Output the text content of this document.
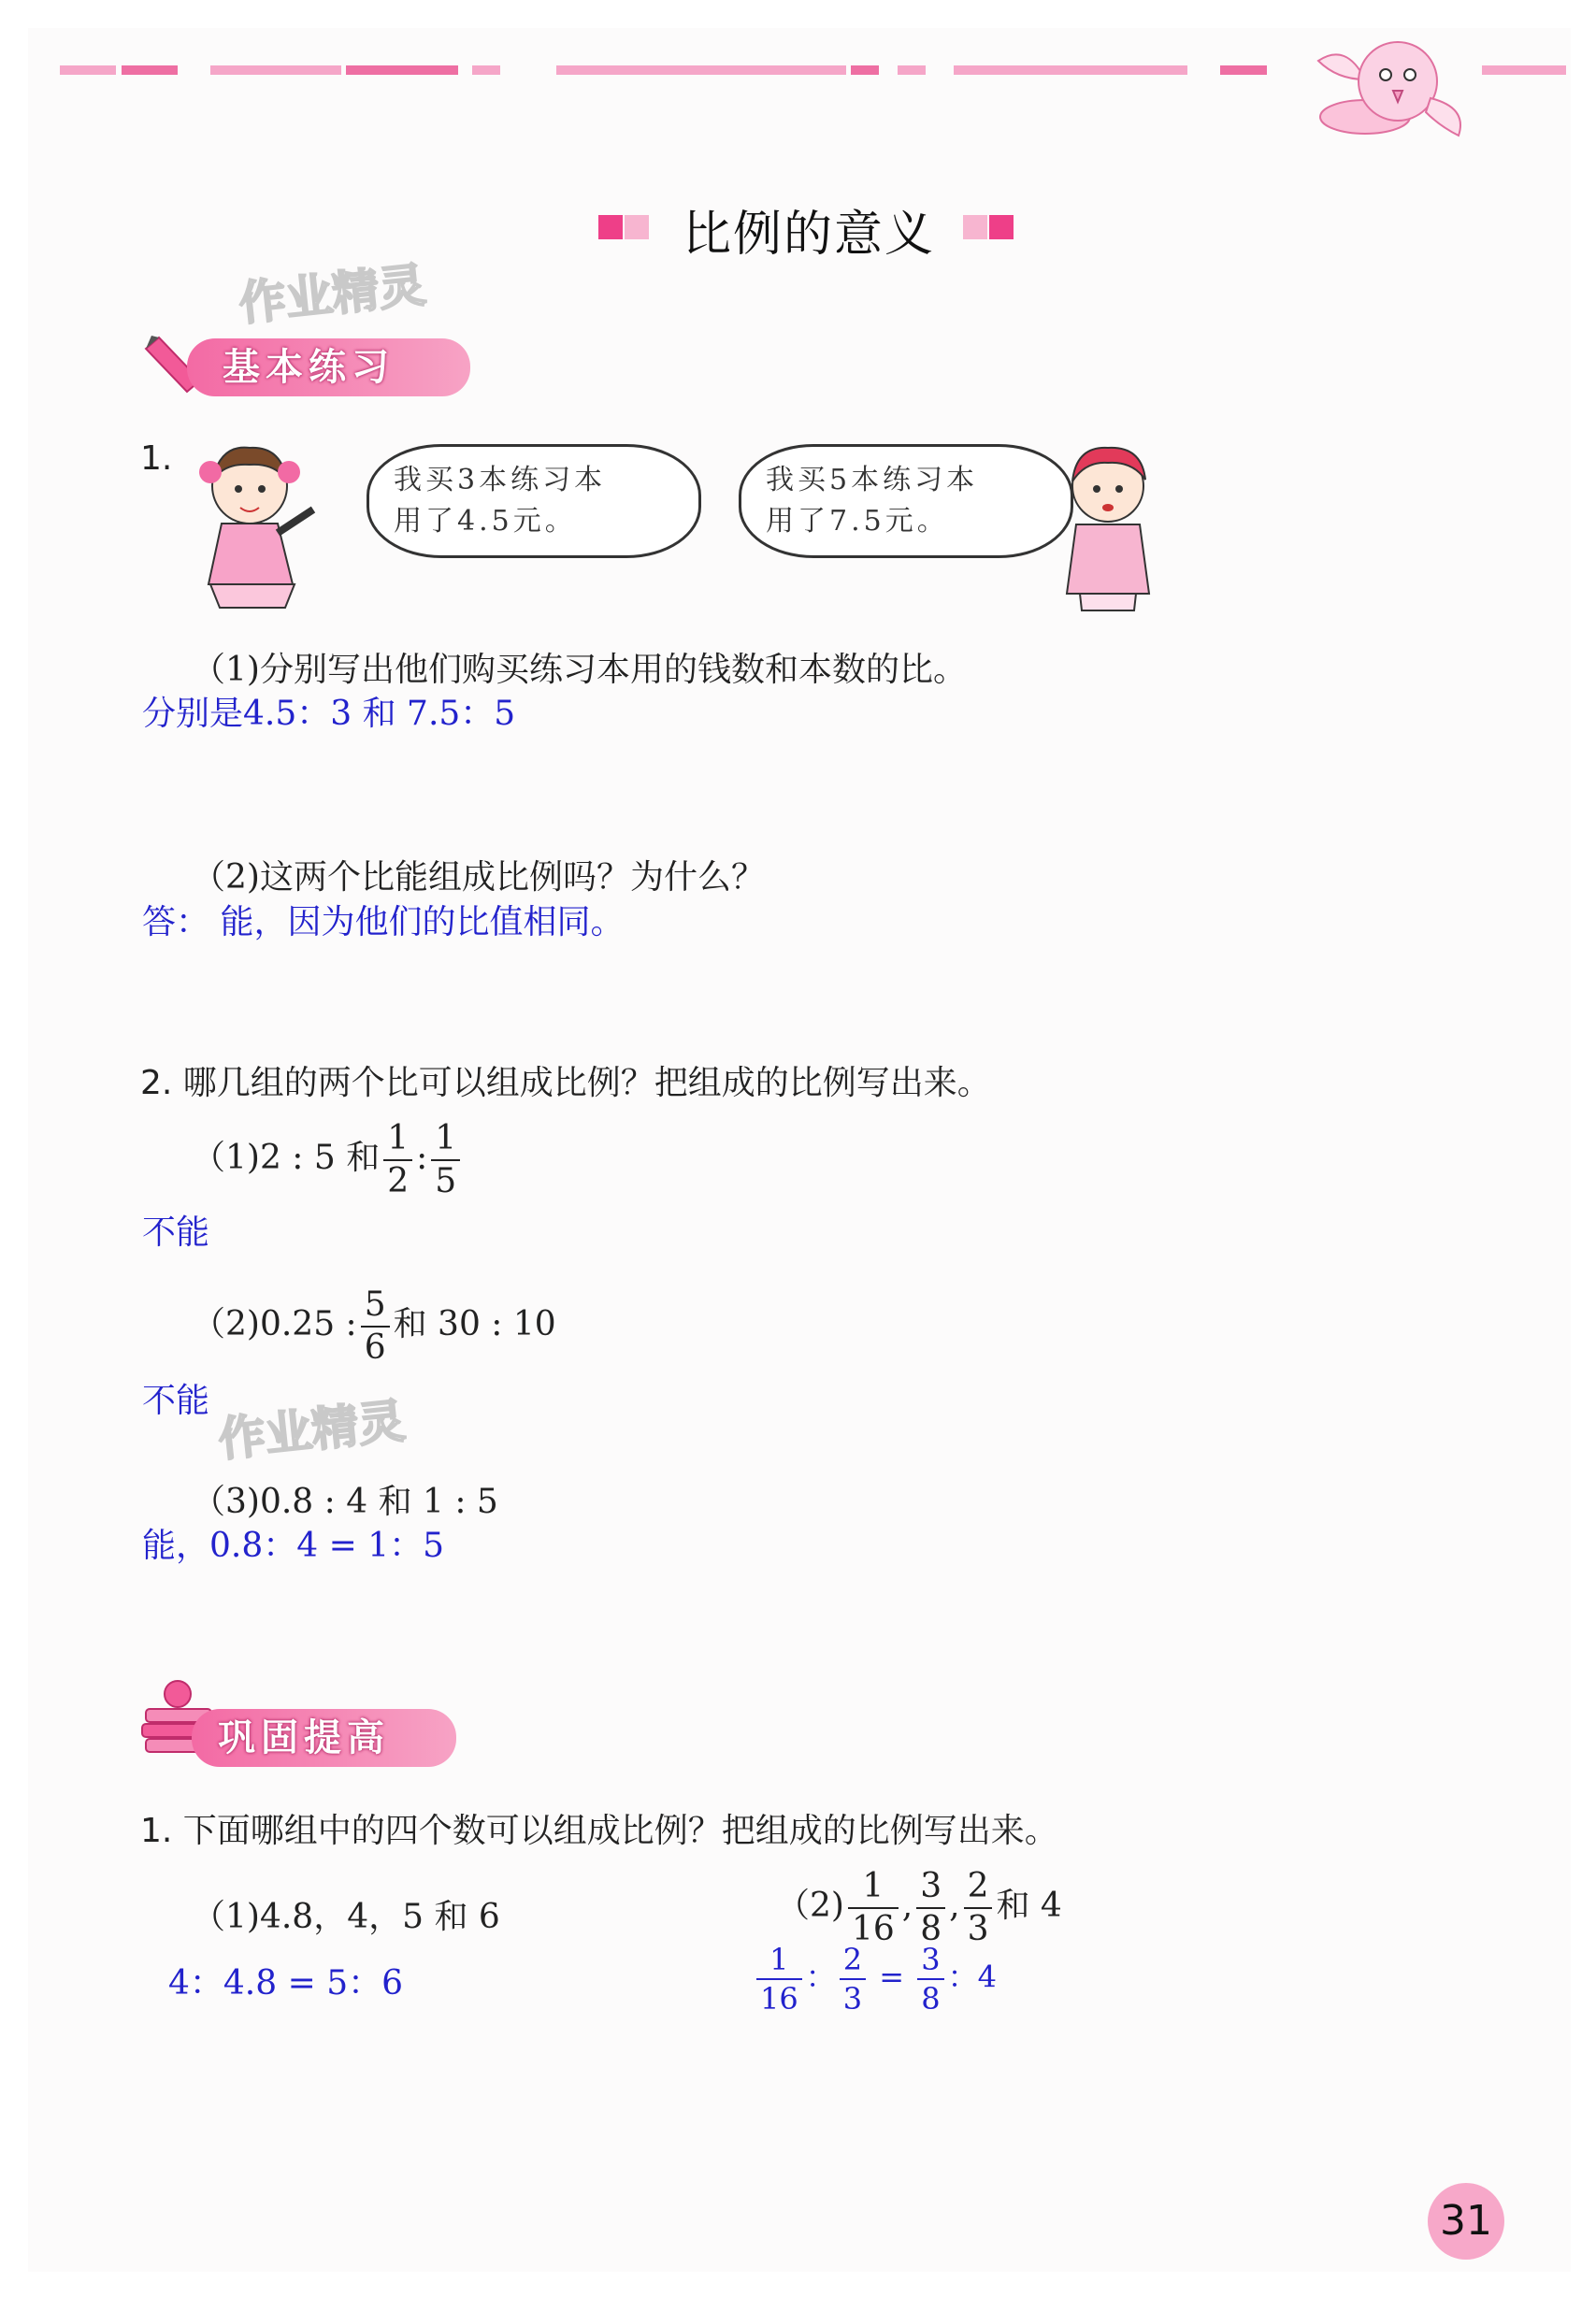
比例的意义
作业精灵
作业精灵
基本练习
1.
我买3本练习本
用了4.5元。
我买5本练习本
用了7.5元。
（1)分别写出他们购买练习本用的钱数和本数的比。
分别是4.5：3 和 7.5：5
（2)这两个比能组成比例吗？为什么？
答： 能，因为他们的比值相同。
2. 哪几组的两个比可以组成比例？把组成的比例写出来。
（1)2 : 5 和 $\frac{1}{2}$ : $\frac{1}{5}$
不能
（2)0.25 : $\frac{5}{6}$ 和 30 : 10
不能
（3)0.8 : 4 和 1 : 5
能，0.8：4 = 1：5
巩固提高
1. 下面哪组中的四个数可以组成比例？把组成的比例写出来。
（1)4.8，4，5 和 6
4：4.8 = 5：6
$(2) \frac{1}{16}$ , $\frac{3}{8}$ , $\frac{2}{3}$ 和 4
$\frac{1}{16}$ ： $\frac{2}{3} = \frac{3}{8}$ ：4
31
